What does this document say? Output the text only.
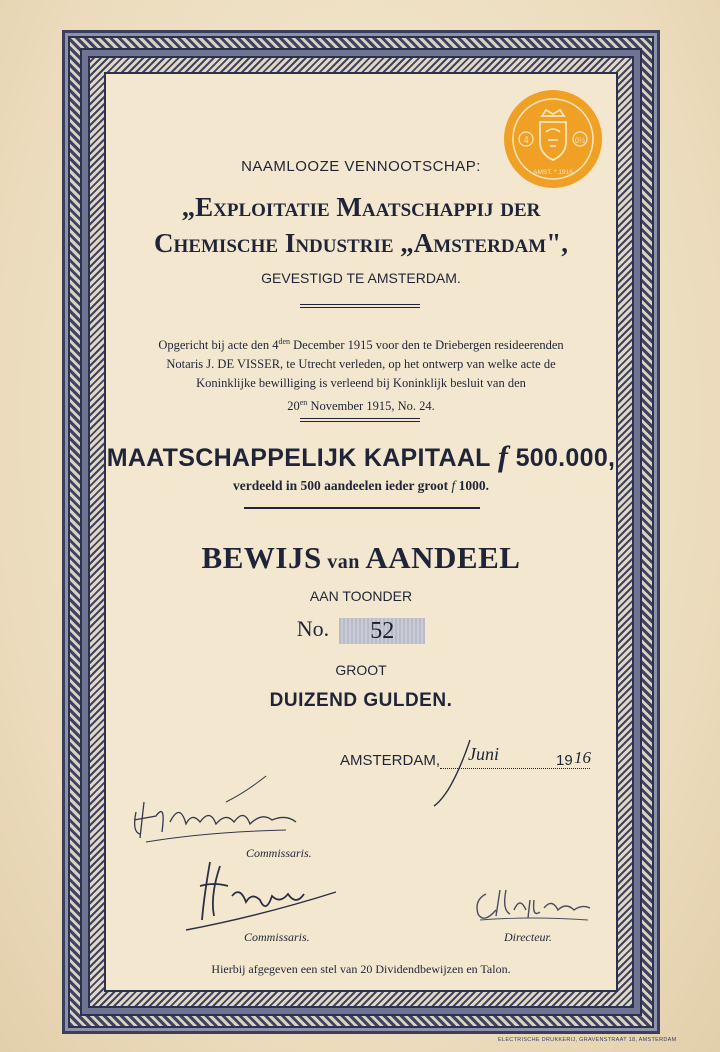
4	0½
AMST. * 1916
NAAMLOOZE VENNOOTSCHAP:
„Exploitatie Maatschappij der
Chemische Industrie „Amsterdam",
GEVESTIGD TE AMSTERDAM.
Opgericht bij acte den $4^{den}$ December 1915 voor den te Driebergen resideerenden
Notaris J. DE VISSER, te Utrecht verleden, op het ontwerp van welke acte de
Koninklijke bewilliging is verleend bij Koninklijk besluit van den
$20^{en}$ November 1915, No. 24.
MAATSCHAPPELIJK KAPITAAL f 500.000,
verdeeld in 500 aandeelen ieder groot f 1000.
BEWIJS van AANDEEL
AAN TOONDER
No. 52
GROOT
DUIZEND GULDEN.
AMSTERDAM, Juni	19 16
Commissaris.
Commissaris.	Directeur.
Hierbij afgegeven een stel van 20 Dividendbewijzen en Talon.
ELECTRISCHE DRUKKERIJ, GRAVENSTRAAT 18, AMSTERDAM
